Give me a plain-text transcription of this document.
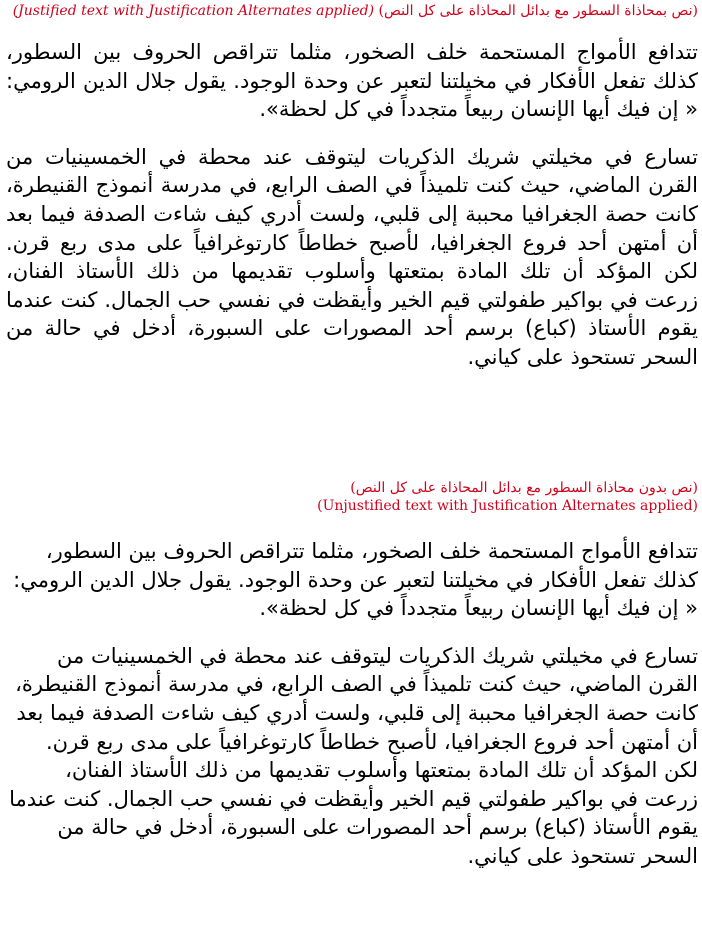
(نص بمحاذاة السطور مع بدائل المحاذاة على كل النص) (Justified text with Justification Alternates applied)

تتدافع الأمواج المستحمة خلف الصخور، مثلما تتراقص الحروف بين السطور، كذلك تفعل الأفكار في مخيلتنا لتعبر عن وحدة الوجود. يقول جلال الدين الرومي: « إن فيك أيها الإنسان ربيعاً متجدداً في كل لحظة».

تسارع في مخيلتي شريك الذكريات ليتوقف عند محطة في الخمسينيات من القرن الماضي، حيث كنت تلميذاً في الصف الرابع، في مدرسة أنموذج القنيطرة، كانت حصة الجغرافيا محببة إلى قلبي، ولست أدري كيف شاءت الصدفة فيما بعد أن أمتهن أحد فروع الجغرافيا، لأصبح خطاطاً كارتوغرافياً على مدى ربع قرن. لكن المؤكد أن تلك المادة بمتعتها وأسلوب تقديمها من ذلك الأستاذ الفنان، زرعت في بواكير طفولتي قيم الخير وأيقظت في نفسي حب الجمال. كنت عندما يقوم الأستاذ (كباع) برسم أحد المصورات على السبورة، أدخل في حالة من السحر تستحوذ على كياني.

(نص بدون محاذاة السطور مع بدائل المحاذاة على كل النص)

(Unjustified text with Justification Alternates applied)

تتدافع الأمواج المستحمة خلف الصخور، مثلما تتراقص الحروف بين السطور، كذلك تفعل الأفكار في مخيلتنا لتعبر عن وحدة الوجود. يقول جلال الدين الرومي: « إن فيك أيها الإنسان ربيعاً متجدداً في كل لحظة».

تسارع في مخيلتي شريك الذكريات ليتوقف عند محطة في الخمسينيات من القرن الماضي، حيث كنت تلميذاً في الصف الرابع، في مدرسة أنموذج القنيطرة، كانت حصة الجغرافيا محببة إلى قلبي، ولست أدري كيف شاءت الصدفة فيما بعد أن أمتهن أحد فروع الجغرافيا، لأصبح خطاطاً كارتوغرافياً على مدى ربع قرن. لكن المؤكد أن تلك المادة بمتعتها وأسلوب تقديمها من ذلك الأستاذ الفنان، زرعت في بواكير طفولتي قيم الخير وأيقظت في نفسي حب الجمال. كنت عندما يقوم الأستاذ (كباع) برسم أحد المصورات على السبورة، أدخل في حالة من السحر تستحوذ على كياني.
